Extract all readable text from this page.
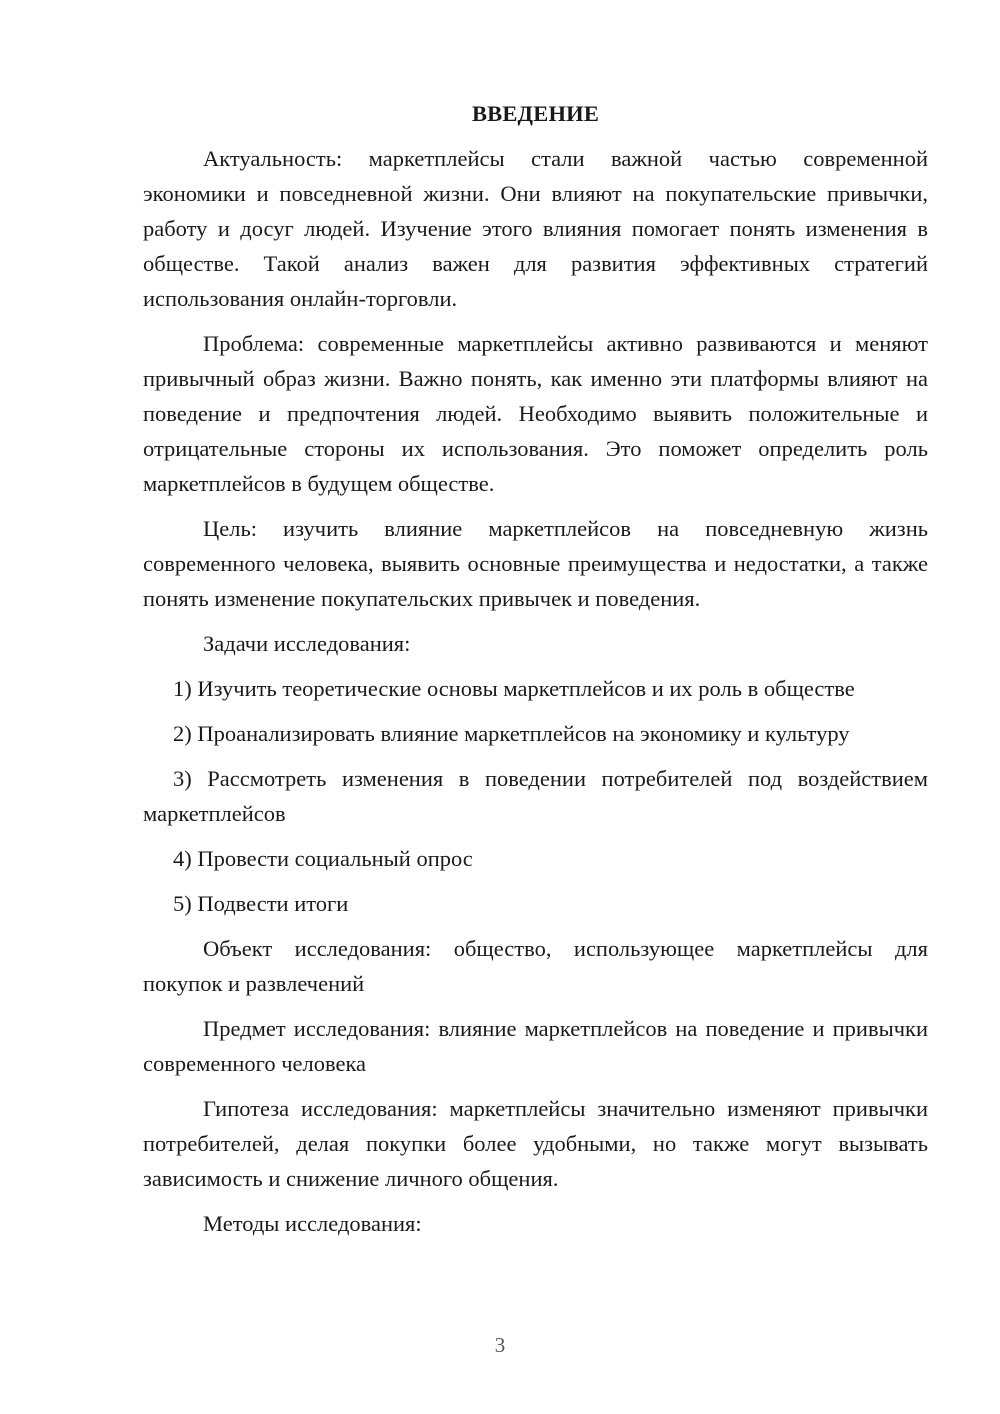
ВВЕДЕНИЕ

Актуальность: маркетплейсы стали важной частью современной экономики и повседневной жизни. Они влияют на покупательские привычки, работу и досуг людей. Изучение этого влияния помогает понять изменения в обществе. Такой анализ важен для развития эффективных стратегий использования онлайн-торговли.

Проблема: современные маркетплейсы активно развиваются и меняют привычный образ жизни. Важно понять, как именно эти платформы влияют на поведение и предпочтения людей. Необходимо выявить положительные и отрицательные стороны их использования. Это поможет определить роль маркетплейсов в будущем обществе.

Цель: изучить влияние маркетплейсов на повседневную жизнь современного человека, выявить основные преимущества и недостатки, а также понять изменение покупательских привычек и поведения.

Задачи исследования:

1) Изучить теоретические основы маркетплейсов и их роль в обществе

2) Проанализировать влияние маркетплейсов на экономику и культуру

3) Рассмотреть изменения в поведении потребителей под воздействием маркетплейсов

4) Провести социальный опрос

5) Подвести итоги

Объект исследования: общество, использующее маркетплейсы для покупок и развлечений

Предмет исследования: влияние маркетплейсов на поведение и привычки современного человека

Гипотеза исследования: маркетплейсы значительно изменяют привычки потребителей, делая покупки более удобными, но также могут вызывать зависимость и снижение личного общения.

Методы исследования:

3
